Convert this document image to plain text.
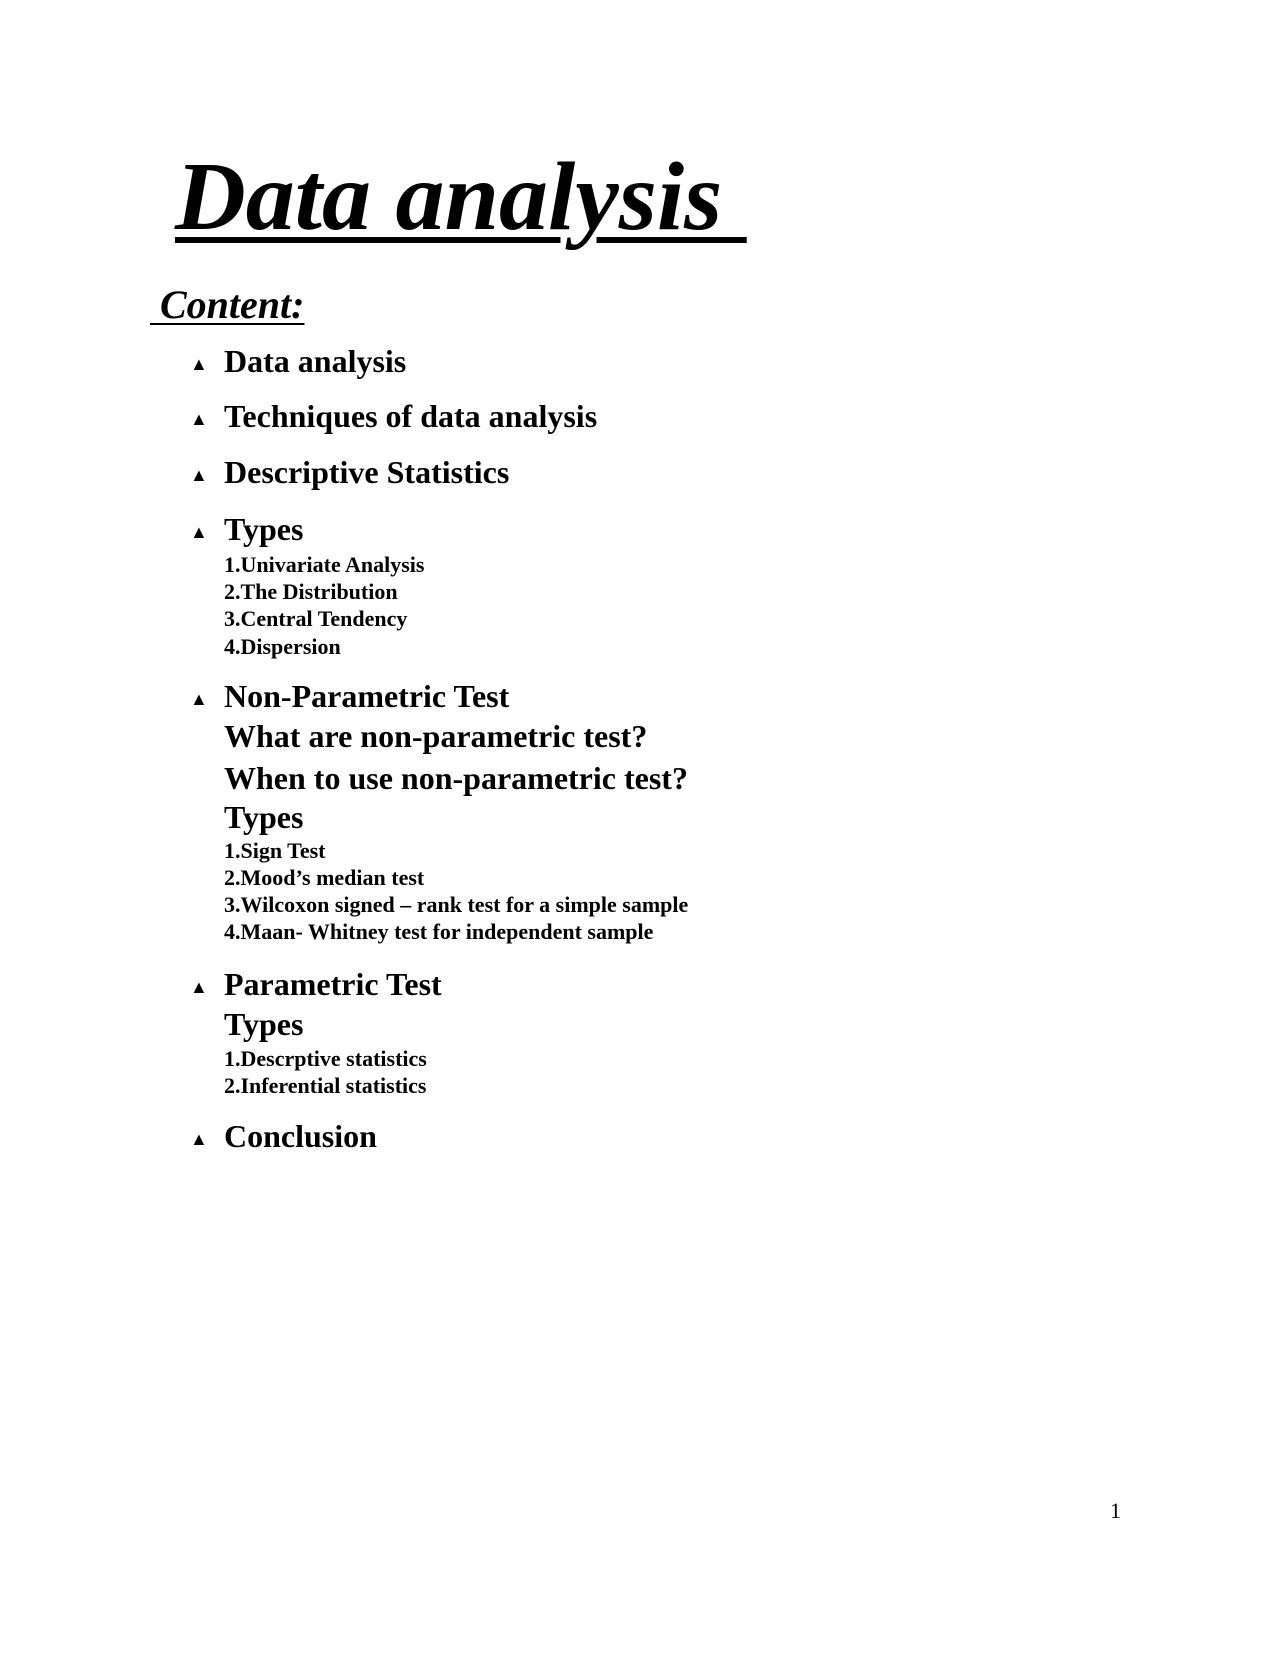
Data analysis
Content:
▲ Data analysis
▲ Techniques of data analysis
▲ Descriptive Statistics
▲ Types
1.Univariate Analysis
2.The Distribution
3.Central Tendency
4.Dispersion
▲ Non-Parametric Test
What are non-parametric test?
When to use non-parametric test?
Types
1.Sign Test
2.Mood’s median test
3.Wilcoxon signed – rank test for a simple sample
4.Maan- Whitney test for independent sample
▲ Parametric Test
Types
1.Descrptive statistics
2.Inferential statistics
▲ Conclusion
1
